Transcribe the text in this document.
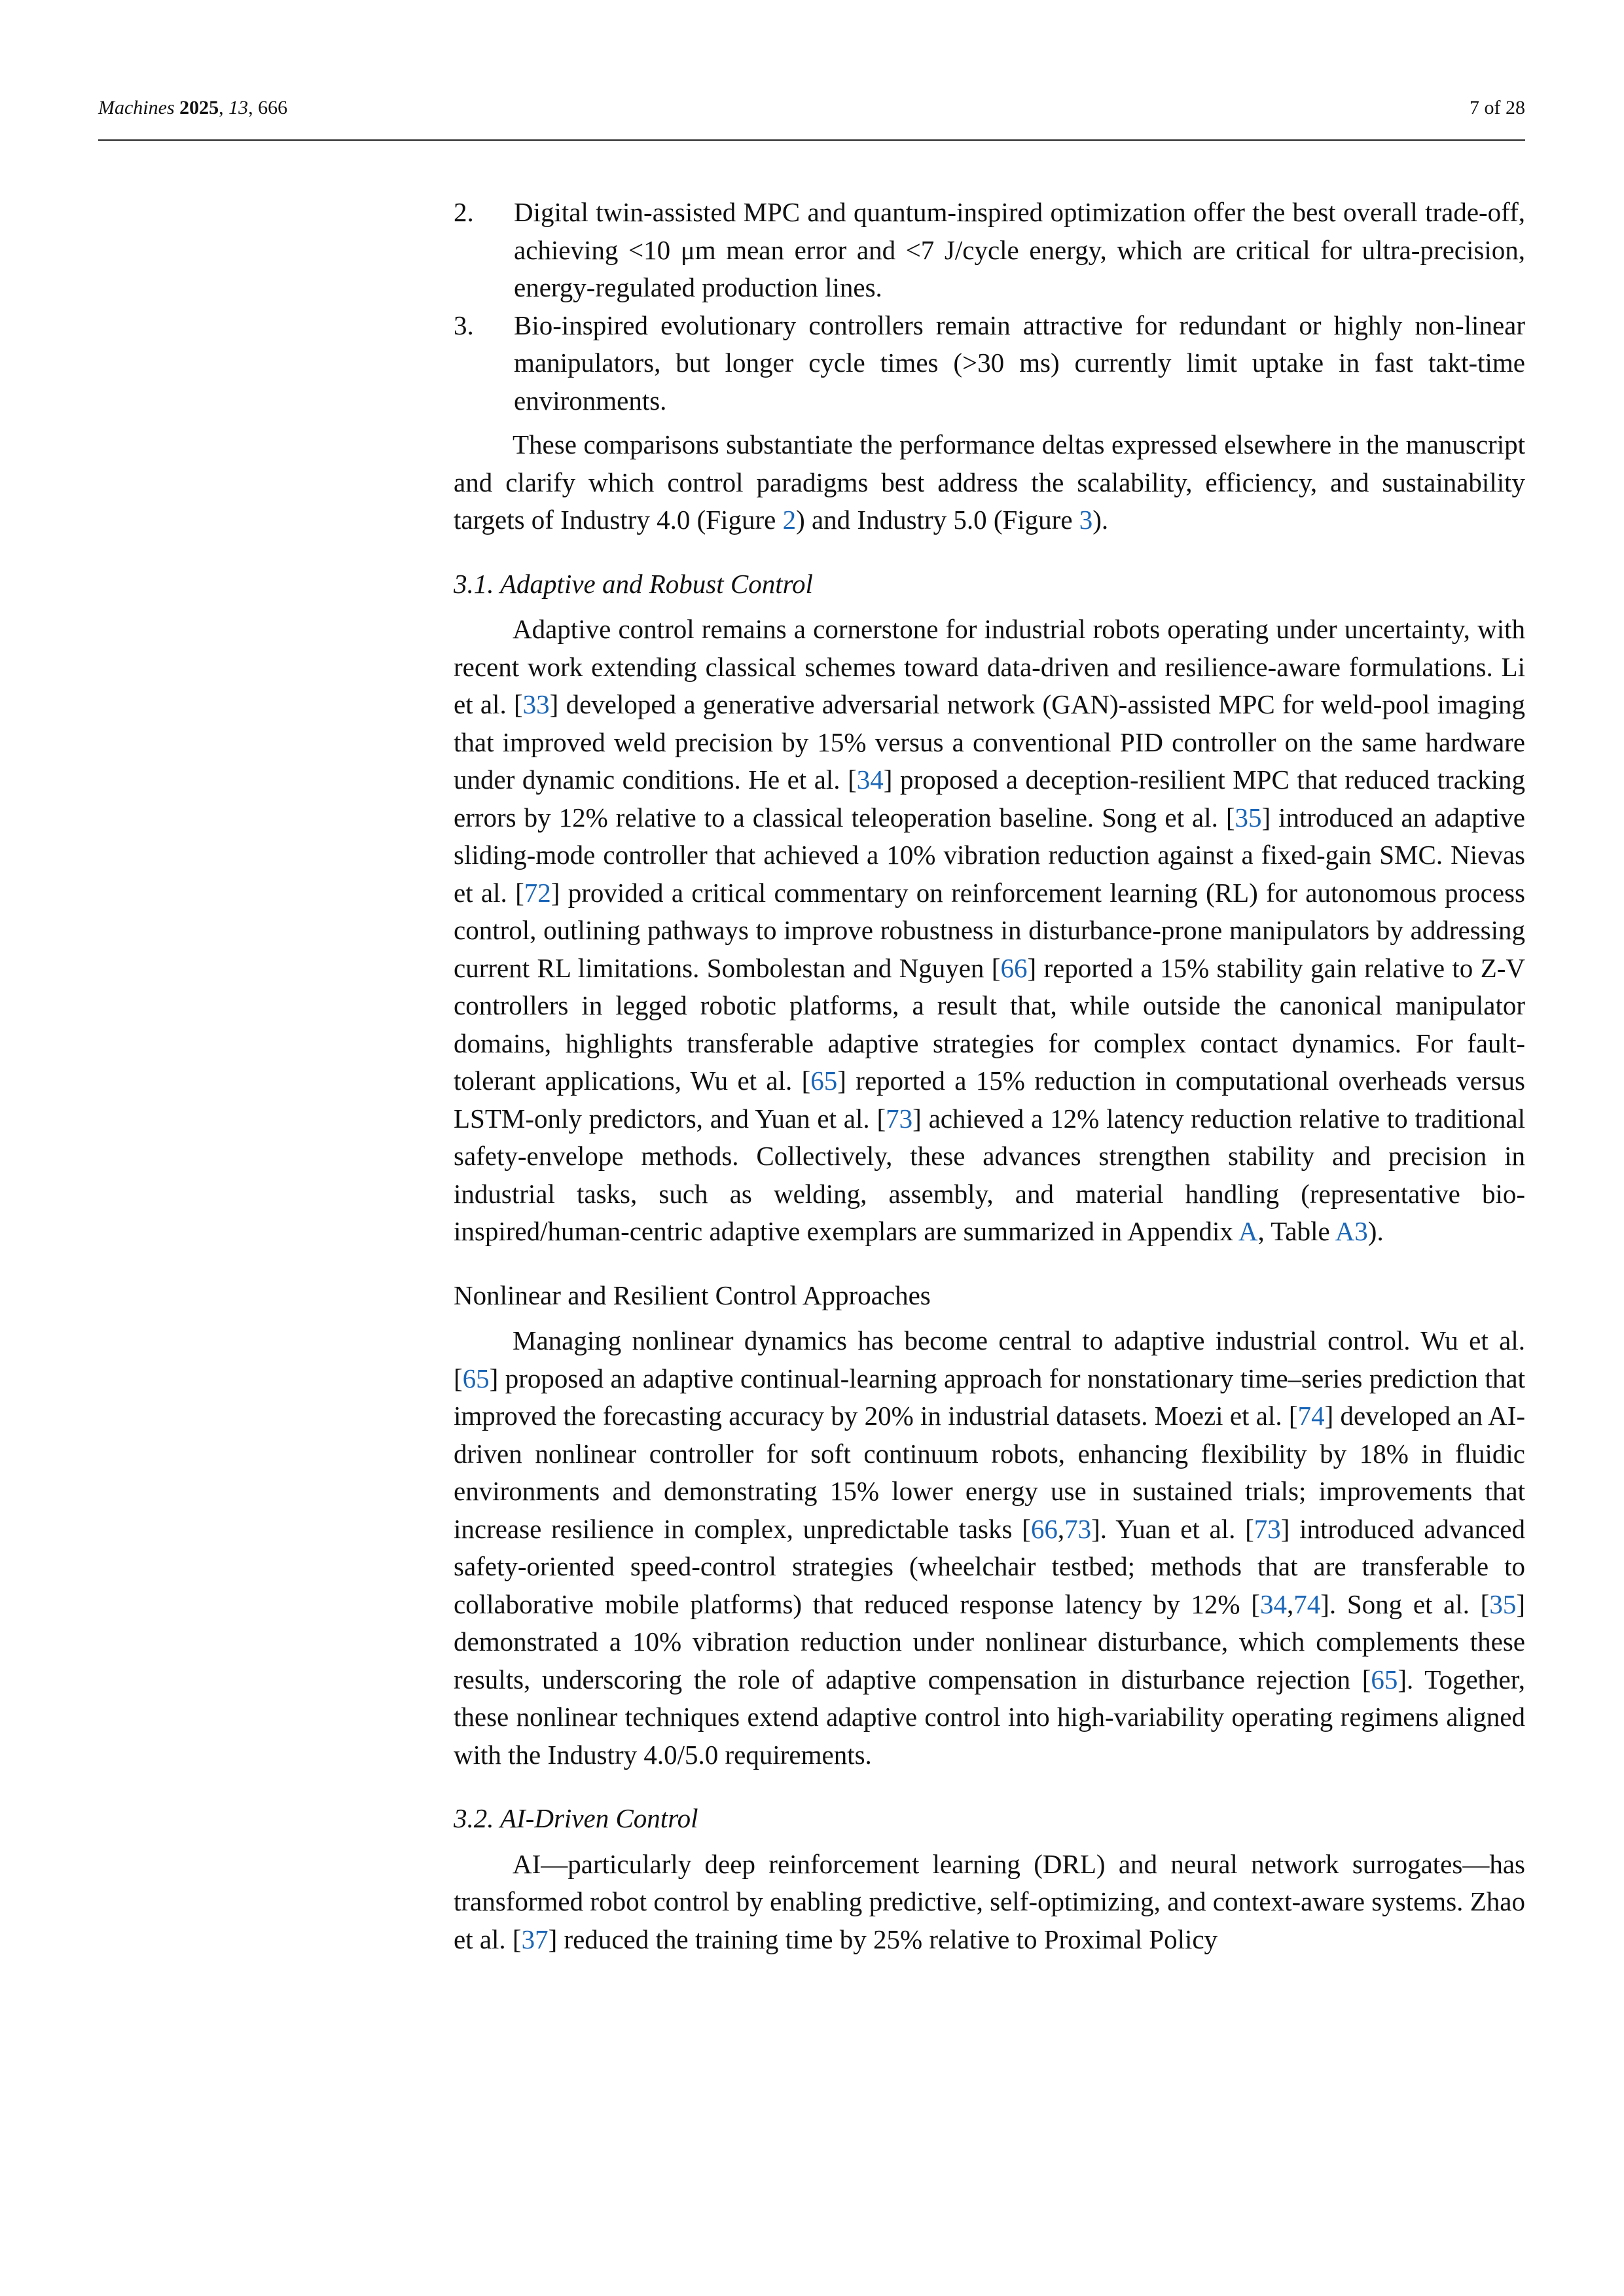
Machines 2025, 13, 666	7 of 28
2. Digital twin-assisted MPC and quantum-inspired optimization offer the best overall trade-off, achieving <10 μm mean error and <7 J/cycle energy, which are critical for ultra-precision, energy-regulated production lines.
3. Bio-inspired evolutionary controllers remain attractive for redundant or highly non-linear manipulators, but longer cycle times (>30 ms) currently limit uptake in fast takt-time environments.

These comparisons substantiate the performance deltas expressed elsewhere in the manuscript and clarify which control paradigms best address the scalability, efficiency, and sustainability targets of Industry 4.0 (Figure 2) and Industry 5.0 (Figure 3).

3.1. Adaptive and Robust Control

Adaptive control remains a cornerstone for industrial robots operating under uncertainty, with recent work extending classical schemes toward data-driven and resilience-aware formulations. Li et al. [33] developed a generative adversarial network (GAN)-assisted MPC for weld-pool imaging that improved weld precision by 15% versus a conventional PID controller on the same hardware under dynamic conditions. He et al. [34] proposed a deception-resilient MPC that reduced tracking errors by 12% relative to a classical teleoperation baseline. Song et al. [35] introduced an adaptive sliding-mode controller that achieved a 10% vibration reduction against a fixed-gain SMC. Nievas et al. [72] provided a critical commentary on reinforcement learning (RL) for autonomous process control, outlining pathways to improve robustness in disturbance-prone manipulators by addressing current RL limitations. Sombolestan and Nguyen [66] reported a 15% stability gain relative to Z-V controllers in legged robotic platforms, a result that, while outside the canonical manipulator domains, highlights transferable adaptive strategies for complex contact dynamics. For fault-tolerant applications, Wu et al. [65] reported a 15% reduction in computational overheads versus LSTM-only predictors, and Yuan et al. [73] achieved a 12% latency reduction relative to traditional safety-envelope methods. Collectively, these advances strengthen stability and precision in industrial tasks, such as welding, assembly, and material handling (representative bio-inspired/human-centric adaptive exemplars are summarized in Appendix A, Table A3).

Nonlinear and Resilient Control Approaches

Managing nonlinear dynamics has become central to adaptive industrial control. Wu et al. [65] proposed an adaptive continual-learning approach for nonstationary time–series prediction that improved the forecasting accuracy by 20% in industrial datasets. Moezi et al. [74] developed an AI-driven nonlinear controller for soft continuum robots, enhancing flexibility by 18% in fluidic environments and demonstrating 15% lower energy use in sustained trials; improvements that increase resilience in complex, unpredictable tasks [66,73]. Yuan et al. [73] introduced advanced safety-oriented speed-control strategies (wheelchair testbed; methods that are transferable to collaborative mobile platforms) that reduced response latency by 12% [34,74]. Song et al. [35] demonstrated a 10% vibration reduction under nonlinear disturbance, which complements these results, underscoring the role of adaptive compensation in disturbance rejection [65]. Together, these nonlinear techniques extend adaptive control into high-variability operating regimens aligned with the Industry 4.0/5.0 requirements.

3.2. AI-Driven Control

AI—particularly deep reinforcement learning (DRL) and neural network surrogates—has transformed robot control by enabling predictive, self-optimizing, and context-aware systems. Zhao et al. [37] reduced the training time by 25% relative to Proximal Policy
